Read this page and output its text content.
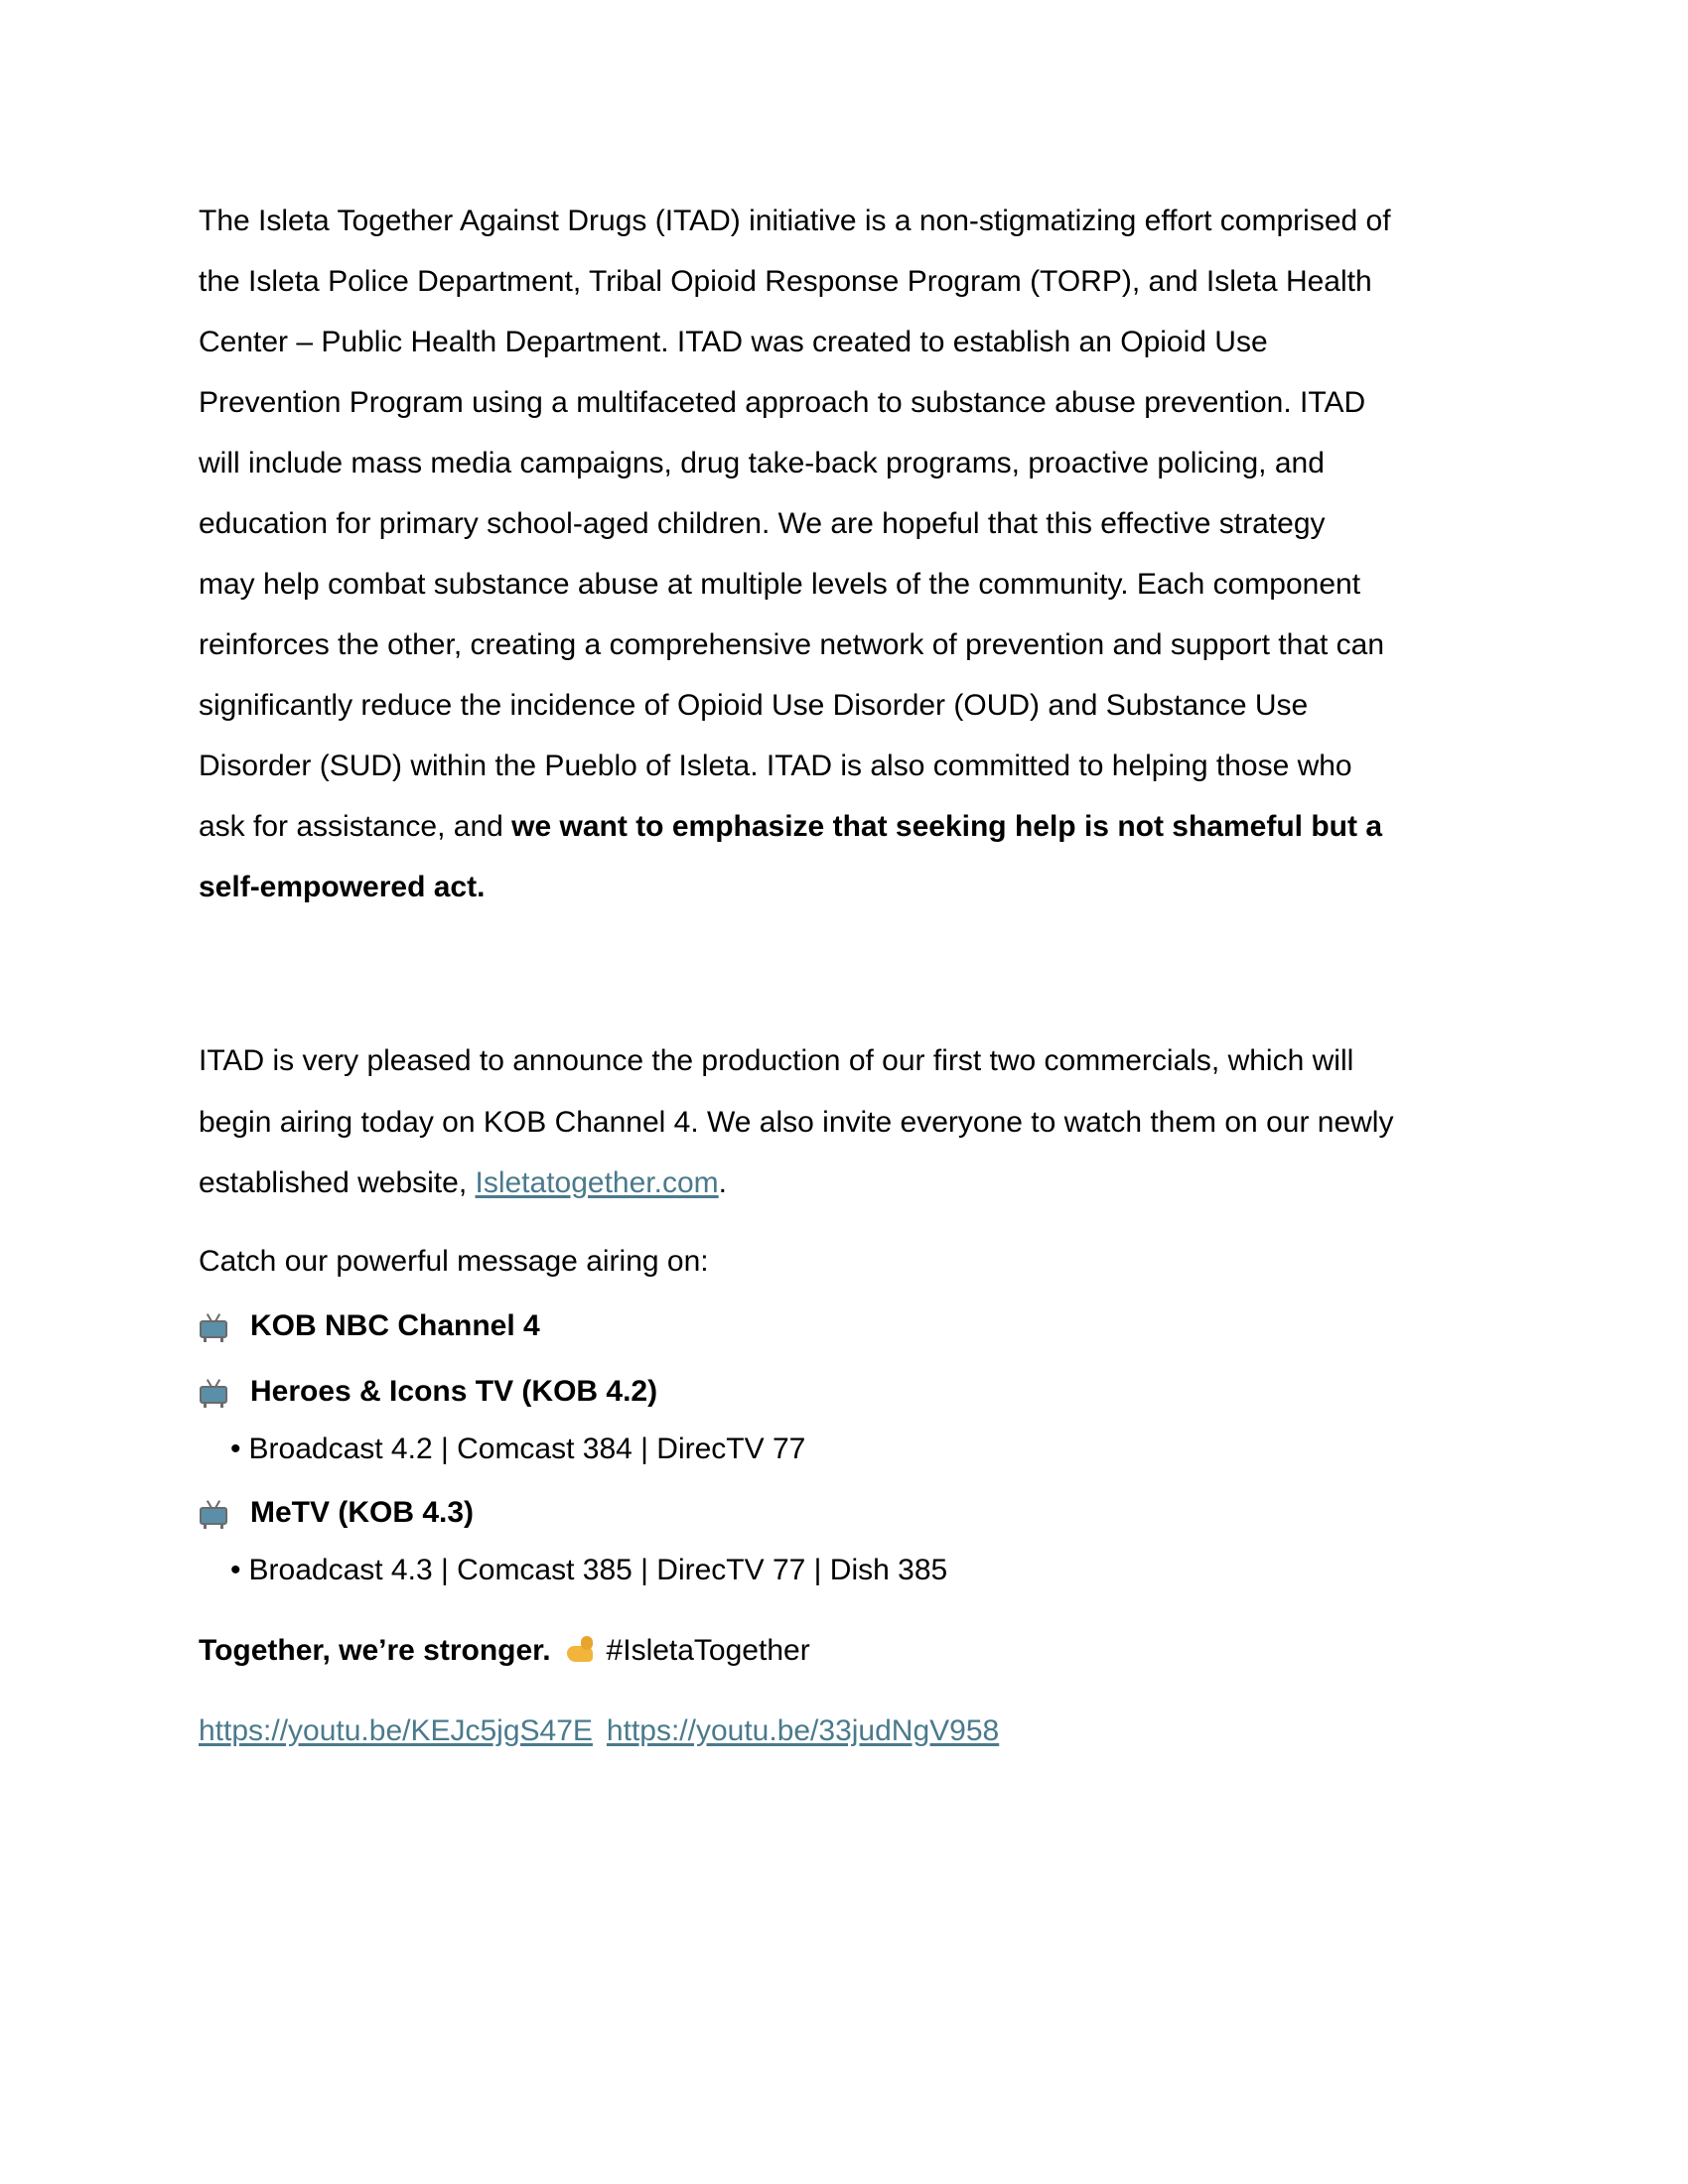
The Isleta Together Against Drugs (ITAD) initiative is a non-stigmatizing effort comprised of
the Isleta Police Department, Tribal Opioid Response Program (TORP), and Isleta Health
Center – Public Health Department. ITAD was created to establish an Opioid Use
Prevention Program using a multifaceted approach to substance abuse prevention. ITAD
will include mass media campaigns, drug take-back programs, proactive policing, and
education for primary school-aged children. We are hopeful that this effective strategy
may help combat substance abuse at multiple levels of the community. Each component
reinforces the other, creating a comprehensive network of prevention and support that can
significantly reduce the incidence of Opioid Use Disorder (OUD) and Substance Use
Disorder (SUD) within the Pueblo of Isleta. ITAD is also committed to helping those who
ask for assistance, and we want to emphasize that seeking help is not shameful but a
self-empowered act.

ITAD is very pleased to announce the production of our first two commercials, which will
begin airing today on KOB Channel 4. We also invite everyone to watch them on our newly
established website, Isletatogether.com.

Catch our powerful message airing on:

KOB NBC Channel 4
Heroes & Icons TV (KOB 4.2)
• Broadcast 4.2 | Comcast 384 | DirecTV 77
MeTV (KOB 4.3)
• Broadcast 4.3 | Comcast 385 | DirecTV 77 | Dish 385
Together, we’re stronger. #IsletaTogether
https://youtu.be/KEJc5jgS47E https://youtu.be/33judNgV958
